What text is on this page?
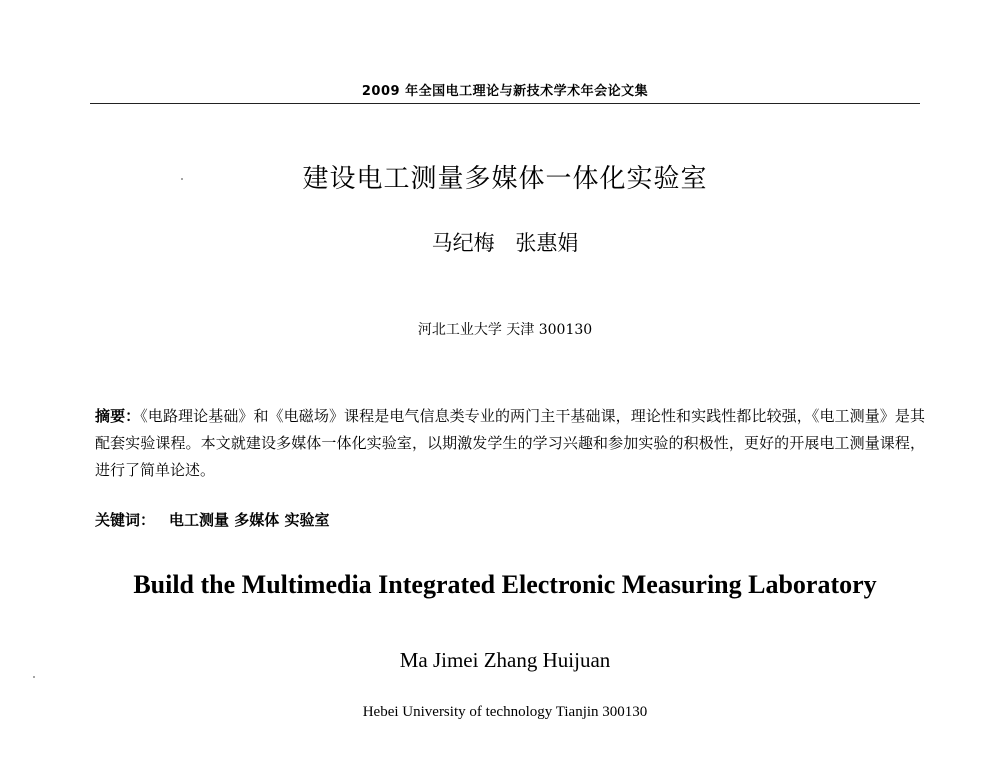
2009 年全国电工理论与新技术学术年会论文集
建设电工测量多媒体一体化实验室
马纪梅 张惠娟
河北工业大学 天津 300130
摘要：《电路理论基础》和《电磁场》课程是电气信息类专业的两门主干基础课，理论性和实践性都比较强，《电工测量》是其配套实验课程。本文就建设多媒体一体化实验室，以期激发学生的学习兴趣和参加实验的积极性，更好的开展电工测量课程，进行了简单论述。
关键词： 电工测量 多媒体 实验室
Build the Multimedia Integrated Electronic Measuring Laboratory
Ma Jimei Zhang Huijuan
Hebei University of technology Tianjin 300130
